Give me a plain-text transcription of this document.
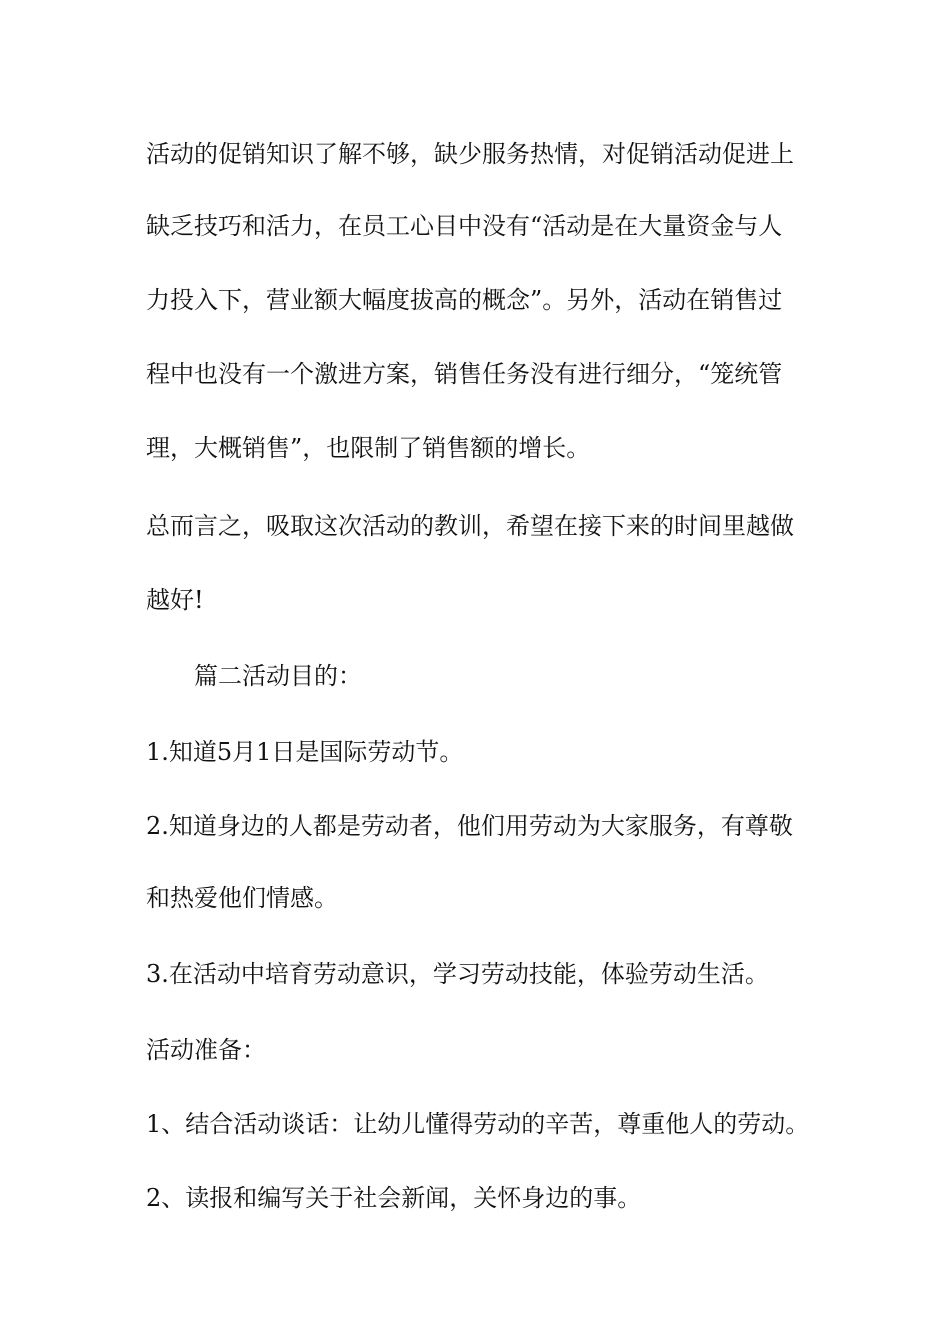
活动的促销知识了解不够，缺少服务热情，对促销活动促进上
缺乏技巧和活力，在员工心目中没有“活动是在大量资金与人
力投入下，营业额大幅度拔高的概念”。另外，活动在销售过
程中也没有一个激进方案，销售任务没有进行细分，“笼统管
理，大概销售”，也限制了销售额的增长。
总而言之，吸取这次活动的教训，希望在接下来的时间里越做
越好!
篇二活动目的：
1.知道5月1日是国际劳动节。
2.知道身边的人都是劳动者，他们用劳动为大家服务，有尊敬
和热爱他们情感。
3.在活动中培育劳动意识，学习劳动技能，体验劳动生活。
活动准备：
1、结合活动谈话：让幼儿懂得劳动的辛苦，尊重他人的劳动。
2、读报和编写关于社会新闻，关怀身边的事。
